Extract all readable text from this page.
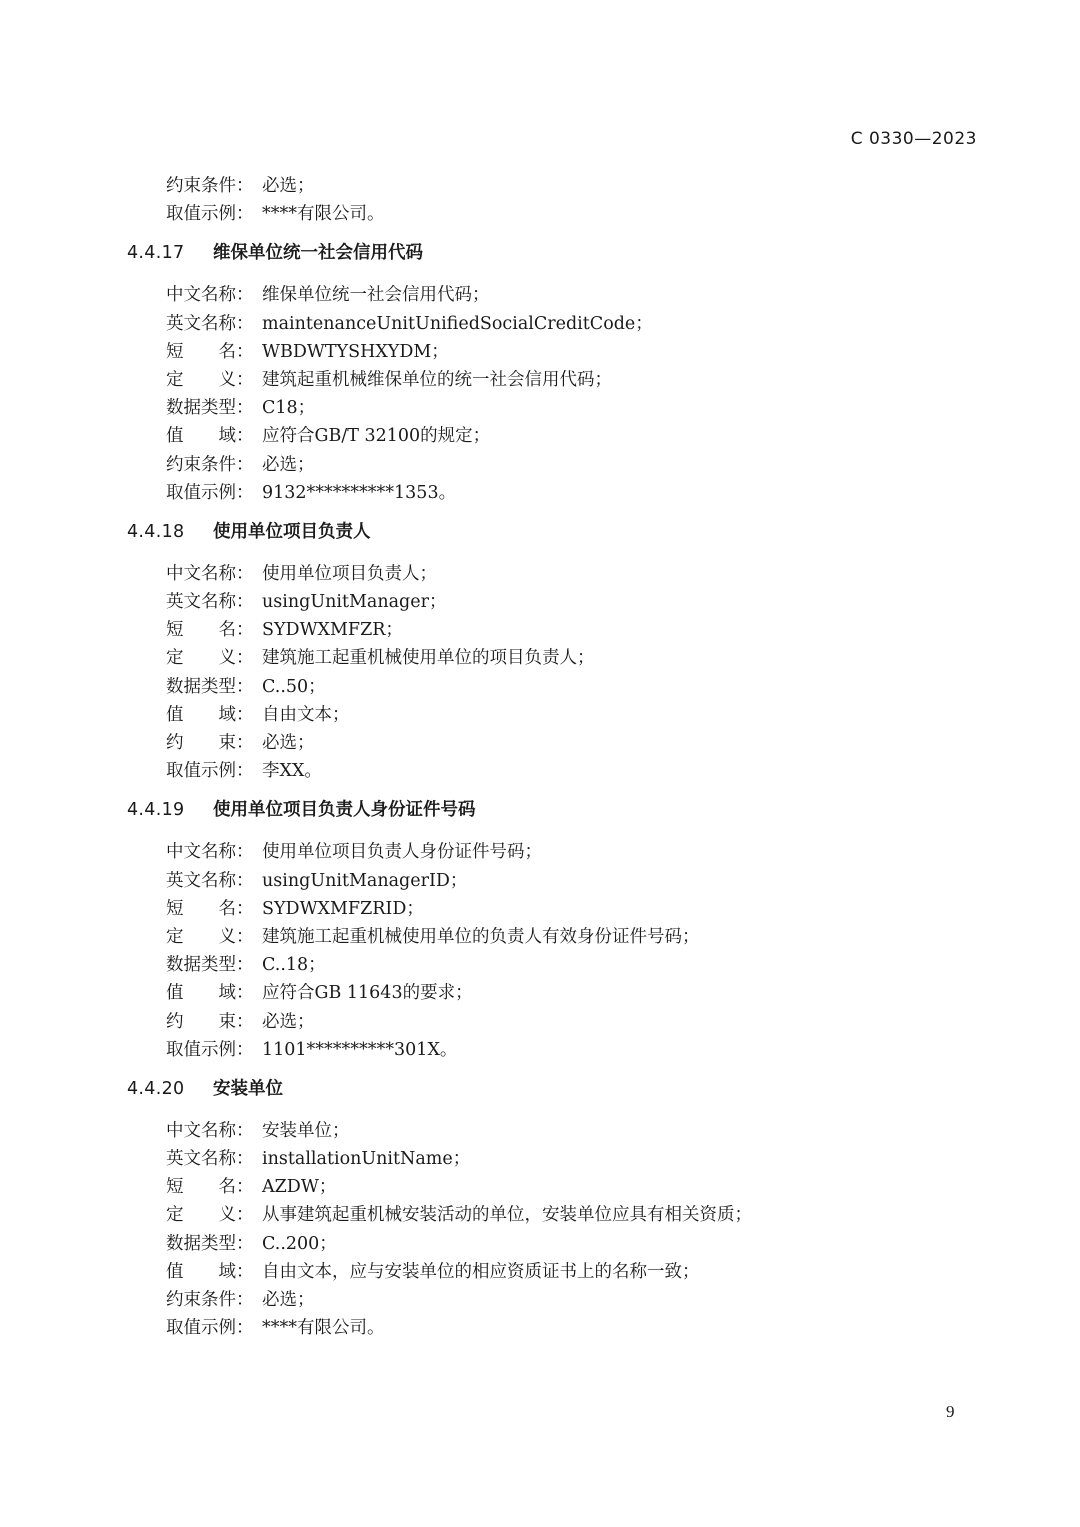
C 0330—2023
约束条件： 必选；
取值示例： ****有限公司。
4.4.17 维保单位统一社会信用代码
中文名称： 维保单位统一社会信用代码；
英文名称： maintenanceUnitUnifiedSocialCreditCode；
短　　名： WBDWTYSHXYDM；
定　　义： 建筑起重机械维保单位的统一社会信用代码；
数据类型： C18；
值　　域： 应符合GB/T 32100的规定；
约束条件： 必选；
取值示例： 9132**********1353。
4.4.18 使用单位项目负责人
中文名称： 使用单位项目负责人；
英文名称： usingUnitManager；
短　　名： SYDWXMFZR；
定　　义： 建筑施工起重机械使用单位的项目负责人；
数据类型： C..50；
值　　域： 自由文本；
约　　束： 必选；
取值示例： 李XX。
4.4.19 使用单位项目负责人身份证件号码
中文名称： 使用单位项目负责人身份证件号码；
英文名称： usingUnitManagerID；
短　　名： SYDWXMFZRID；
定　　义： 建筑施工起重机械使用单位的负责人有效身份证件号码；
数据类型： C..18；
值　　域： 应符合GB 11643的要求；
约　　束： 必选；
取值示例： 1101**********301X。
4.4.20 安装单位
中文名称： 安装单位；
英文名称： installationUnitName；
短　　名： AZDW；
定　　义： 从事建筑起重机械安装活动的单位，安装单位应具有相关资质；
数据类型： C..200；
值　　域： 自由文本，应与安装单位的相应资质证书上的名称一致；
约束条件： 必选；
取值示例： ****有限公司。
9
